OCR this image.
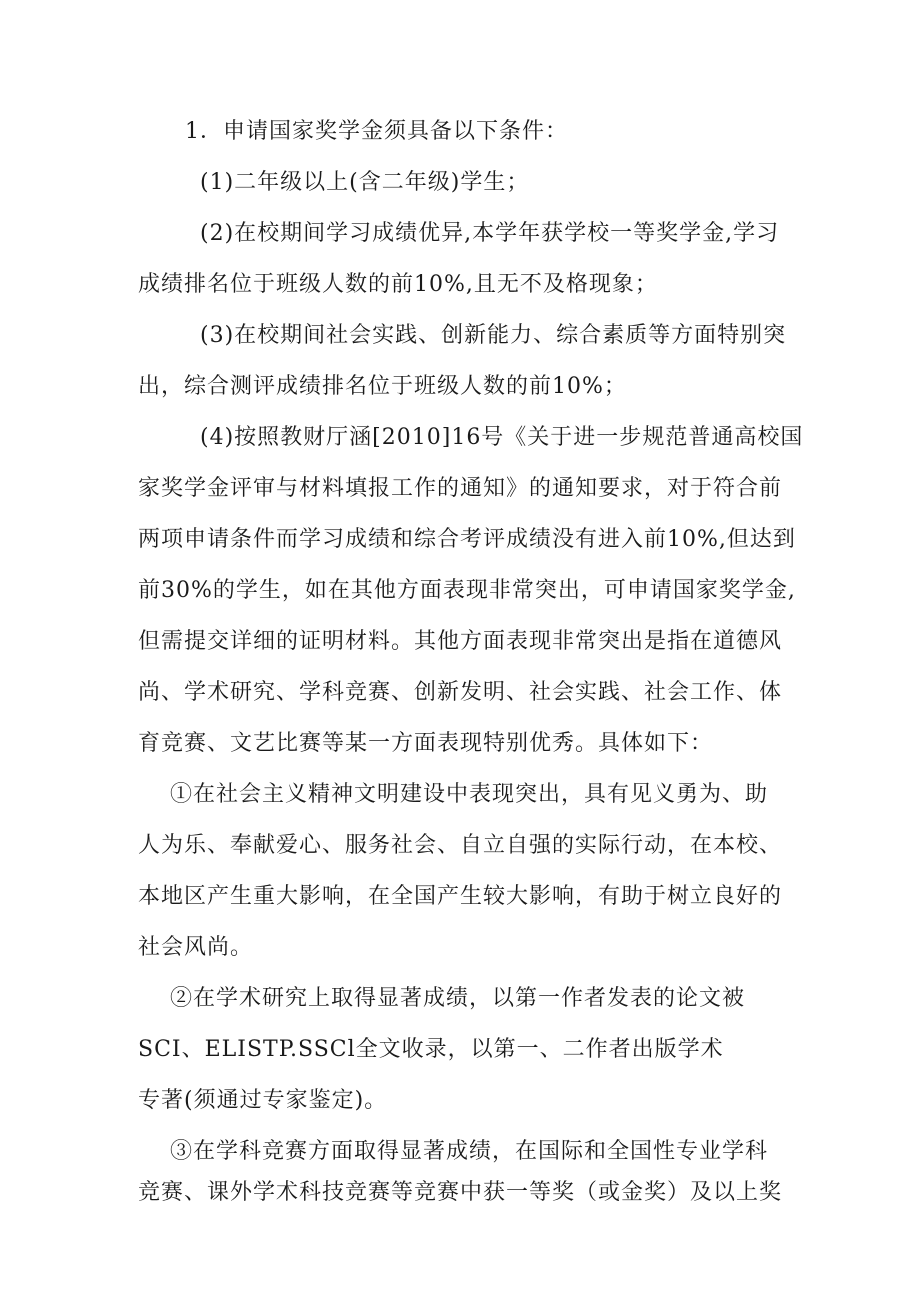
1．申请国家奖学金须具备以下条件：

(1)二年级以上(含二年级)学生；

(2)在校期间学习成绩优异,本学年获学校一等奖学金,学习

成绩排名位于班级人数的前10%,且无不及格现象；

(3)在校期间社会实践、创新能力、综合素质等方面特别突

出，综合测评成绩排名位于班级人数的前10%；

(4)按照教财厅涵[2010]16号《关于进一步规范普通高校国

家奖学金评审与材料填报工作的通知》的通知要求，对于符合前

两项申请条件而学习成绩和综合考评成绩没有进入前10%,但达到

前30%的学生，如在其他方面表现非常突出，可申请国家奖学金,

但需提交详细的证明材料。其他方面表现非常突出是指在道德风

尚、学术研究、学科竞赛、创新发明、社会实践、社会工作、体

育竞赛、文艺比赛等某一方面表现特别优秀。具体如下：

①在社会主义精神文明建设中表现突出，具有见义勇为、助

人为乐、奉献爱心、服务社会、自立自强的实际行动，在本校、

本地区产生重大影响，在全国产生较大影响，有助于树立良好的

社会风尚。

②在学术研究上取得显著成绩，以第一作者发表的论文被

SCI、ELISTP.SSCl全文收录，以第一、二作者出版学术

专著(须通过专家鉴定)。

③在学科竞赛方面取得显著成绩，在国际和全国性专业学科

竞赛、课外学术科技竞赛等竞赛中获一等奖（或金奖）及以上奖
